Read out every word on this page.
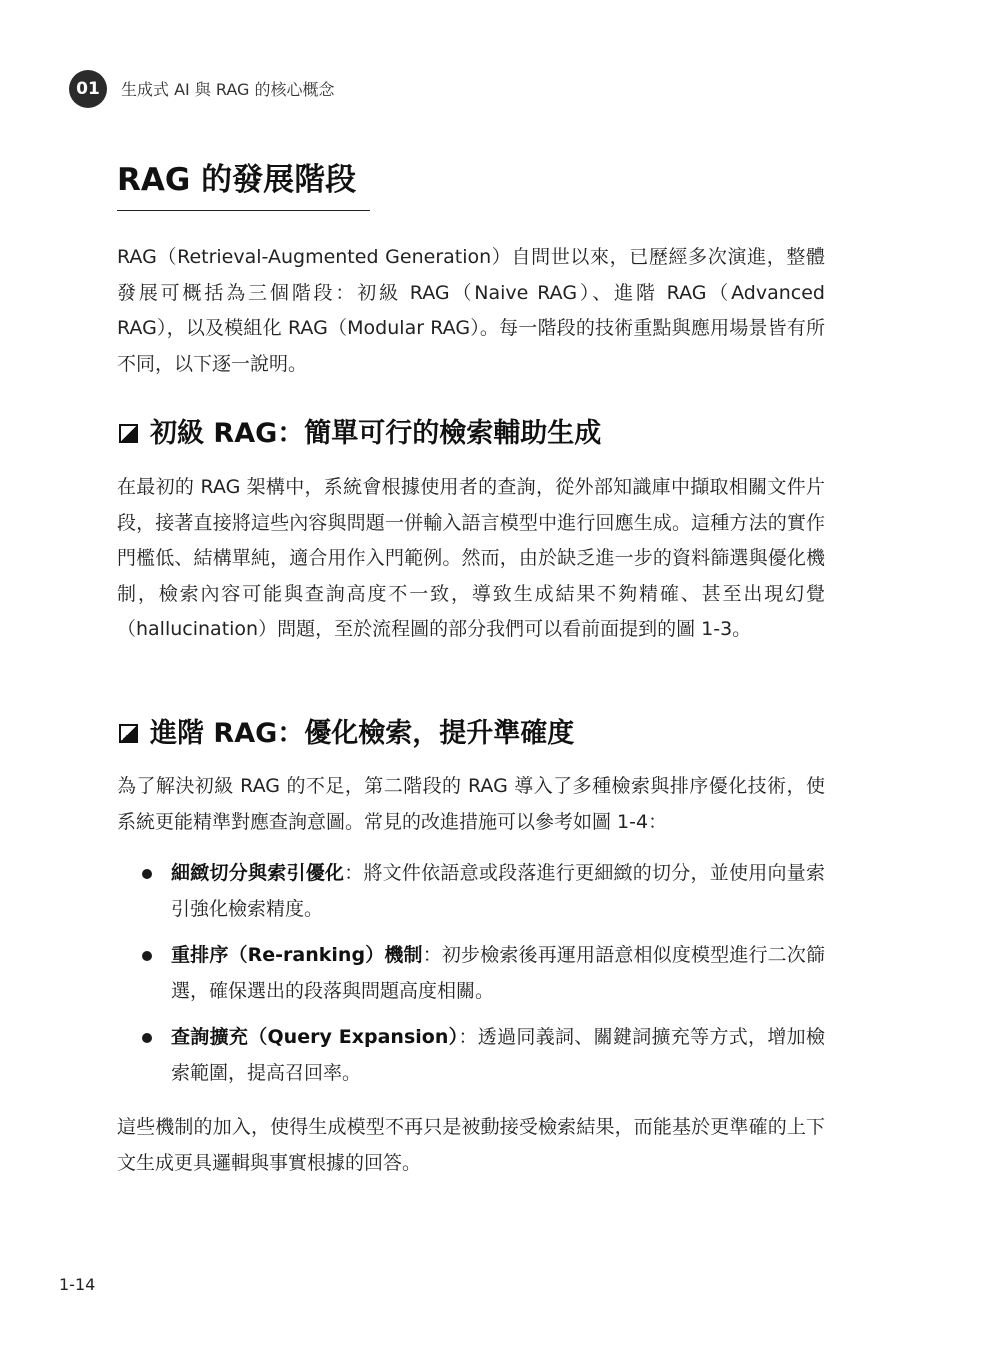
01	生成式 AI 與 RAG 的核心概念
RAG 的發展階段

RAG（Retrieval-Augmented Generation）自問世以來，已歷經多次演進，整體發展可概括為三個階段：初級 RAG（Naive RAG）、進階 RAG（Advanced RAG），以及模組化 RAG（Modular RAG）。每一階段的技術重點與應用場景皆有所不同，以下逐一說明。

初級 RAG：簡單可行的檢索輔助生成

在最初的 RAG 架構中，系統會根據使用者的查詢，從外部知識庫中擷取相關文件片段，接著直接將這些內容與問題一併輸入語言模型中進行回應生成。這種方法的實作門檻低、結構單純，適合用作入門範例。然而，由於缺乏進一步的資料篩選與優化機制，檢索內容可能與查詢高度不一致，導致生成結果不夠精確、甚至出現幻覺（hallucination）問題，至於流程圖的部分我們可以看前面提到的圖 1-3。

進階 RAG：優化檢索，提升準確度

為了解決初級 RAG 的不足，第二階段的 RAG 導入了多種檢索與排序優化技術，使系統更能精準對應查詢意圖。常見的改進措施可以參考如圖 1-4：

細緻切分與索引優化：將文件依語意或段落進行更細緻的切分，並使用向量索引強化檢索精度。
重排序（Re-ranking）機制：初步檢索後再運用語意相似度模型進行二次篩選，確保選出的段落與問題高度相關。
查詢擴充（Query Expansion）：透過同義詞、關鍵詞擴充等方式，增加檢索範圍，提高召回率。

這些機制的加入，使得生成模型不再只是被動接受檢索結果，而能基於更準確的上下文生成更具邏輯與事實根據的回答。

1-14
